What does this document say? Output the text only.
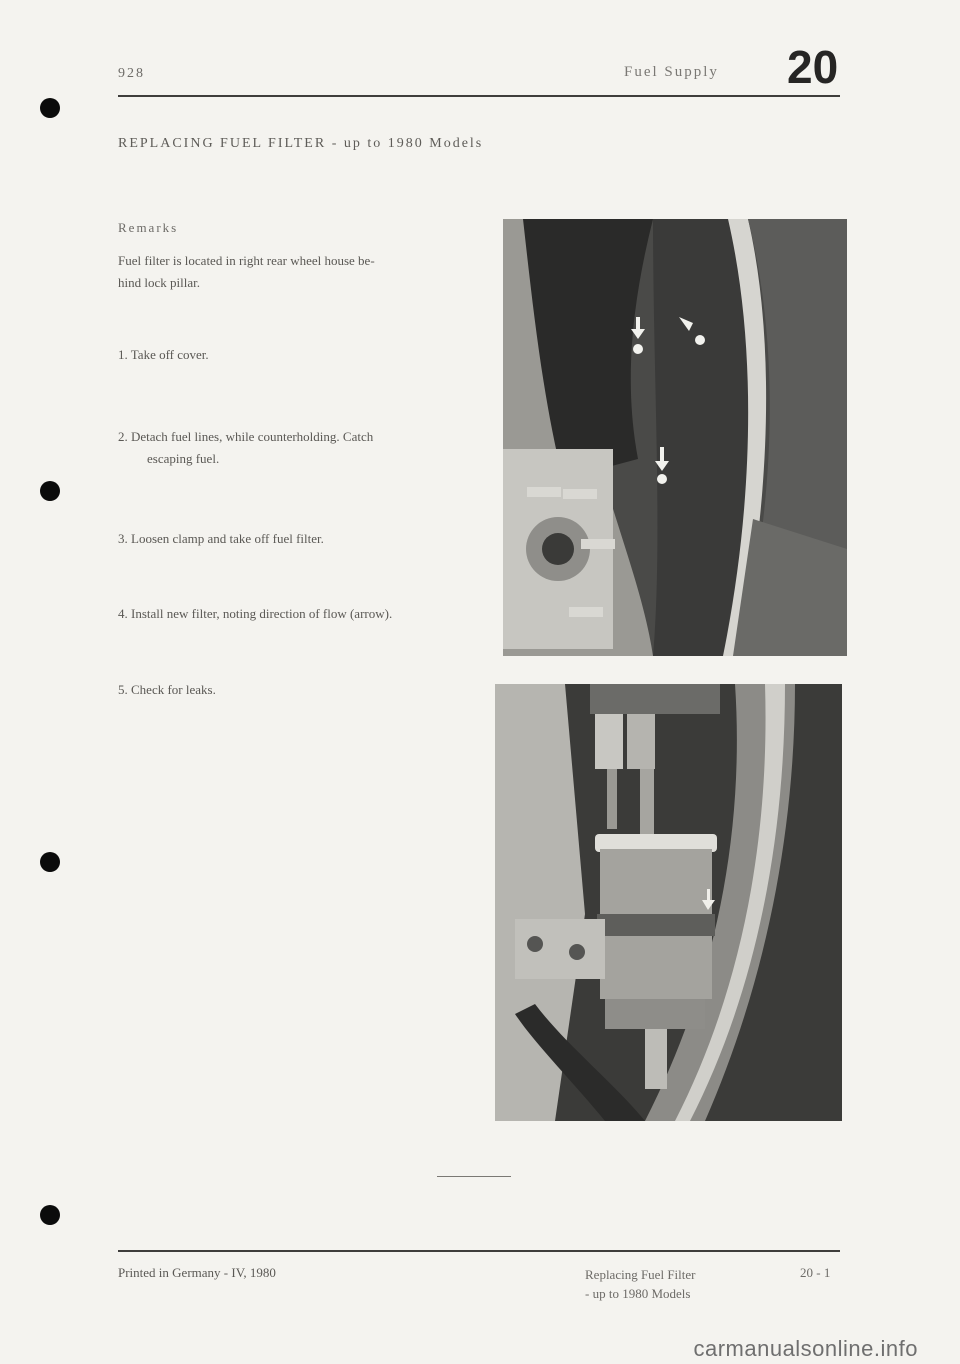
928	Fuel Supply 20
REPLACING FUEL FILTER - up to 1980 Models
Remarks
Fuel filter is located in right rear wheel house be-
hind lock pillar.
1. Take off cover.
2. Detach fuel lines, while counterholding. Catch
escaping fuel.
3. Loosen clamp and take off fuel filter.
4. Install new filter, noting direction of flow (arrow).
5. Check for leaks.
Printed in Germany - IV, 1980	Replacing Fuel Filter
- up to 1980 Models
20 - 1
carmanualsonline.info
